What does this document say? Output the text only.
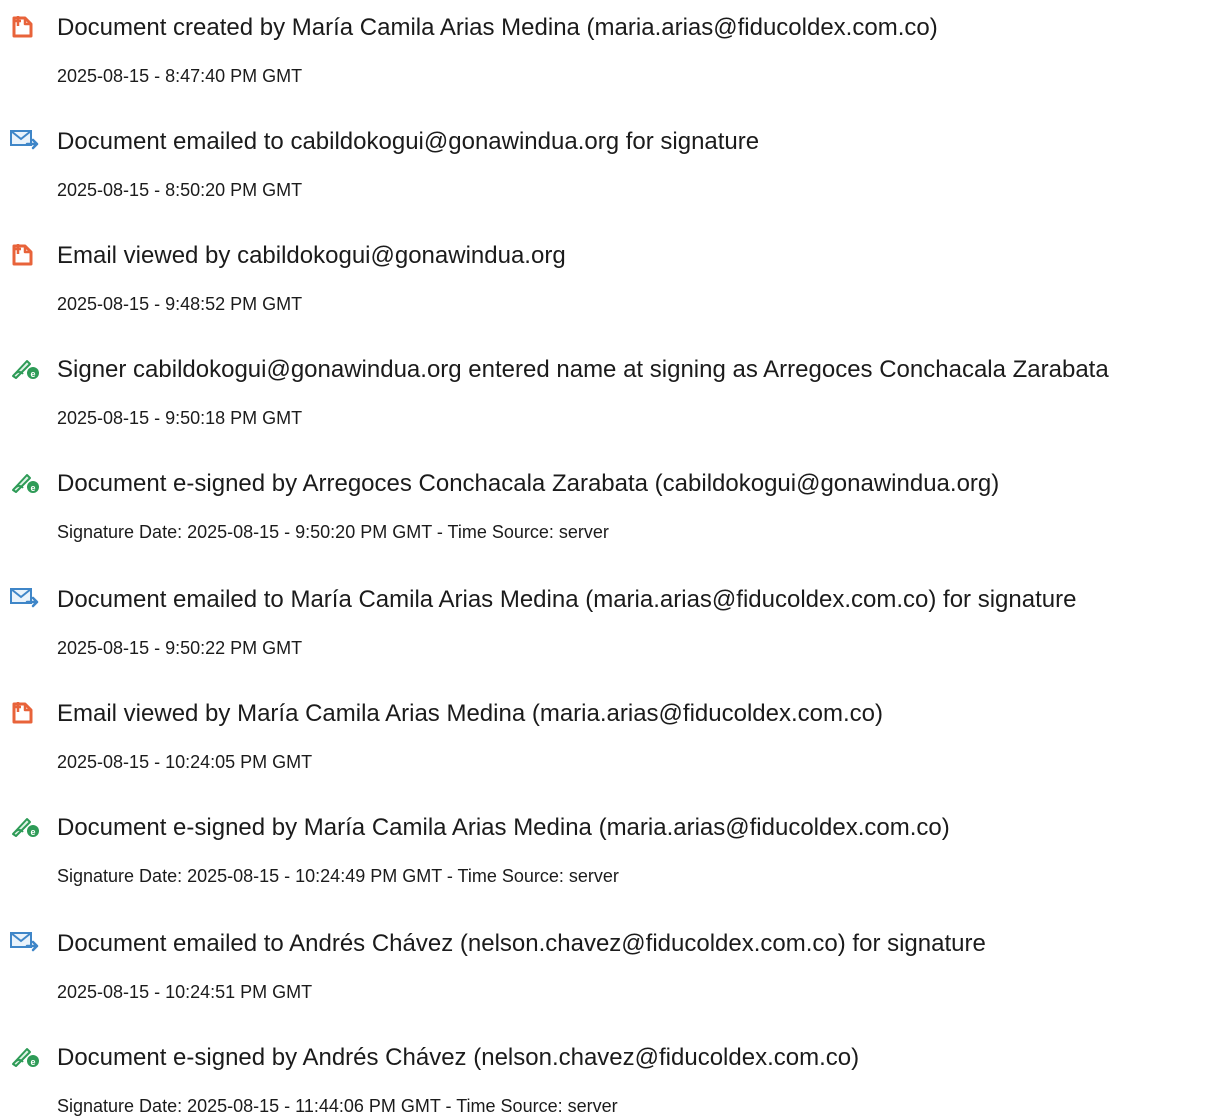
Document created by María Camila Arias Medina (maria.arias@fiducoldex.com.co)
2025-08-15 - 8:47:40 PM GMT
Document emailed to cabildokogui@gonawindua.org for signature
2025-08-15 - 8:50:20 PM GMT
Email viewed by cabildokogui@gonawindua.org
2025-08-15 - 9:48:52 PM GMT
e Signer cabildokogui@gonawindua.org entered name at signing as Arregoces Conchacala Zarabata
2025-08-15 - 9:50:18 PM GMT
e Document e-signed by Arregoces Conchacala Zarabata (cabildokogui@gonawindua.org)
Signature Date: 2025-08-15 - 9:50:20 PM GMT - Time Source: server
Document emailed to María Camila Arias Medina (maria.arias@fiducoldex.com.co) for signature
2025-08-15 - 9:50:22 PM GMT
Email viewed by María Camila Arias Medina (maria.arias@fiducoldex.com.co)
2025-08-15 - 10:24:05 PM GMT
e Document e-signed by María Camila Arias Medina (maria.arias@fiducoldex.com.co)
Signature Date: 2025-08-15 - 10:24:49 PM GMT - Time Source: server
Document emailed to Andrés Chávez (nelson.chavez@fiducoldex.com.co) for signature
2025-08-15 - 10:24:51 PM GMT
e Document e-signed by Andrés Chávez (nelson.chavez@fiducoldex.com.co)
Signature Date: 2025-08-15 - 11:44:06 PM GMT - Time Source: server
